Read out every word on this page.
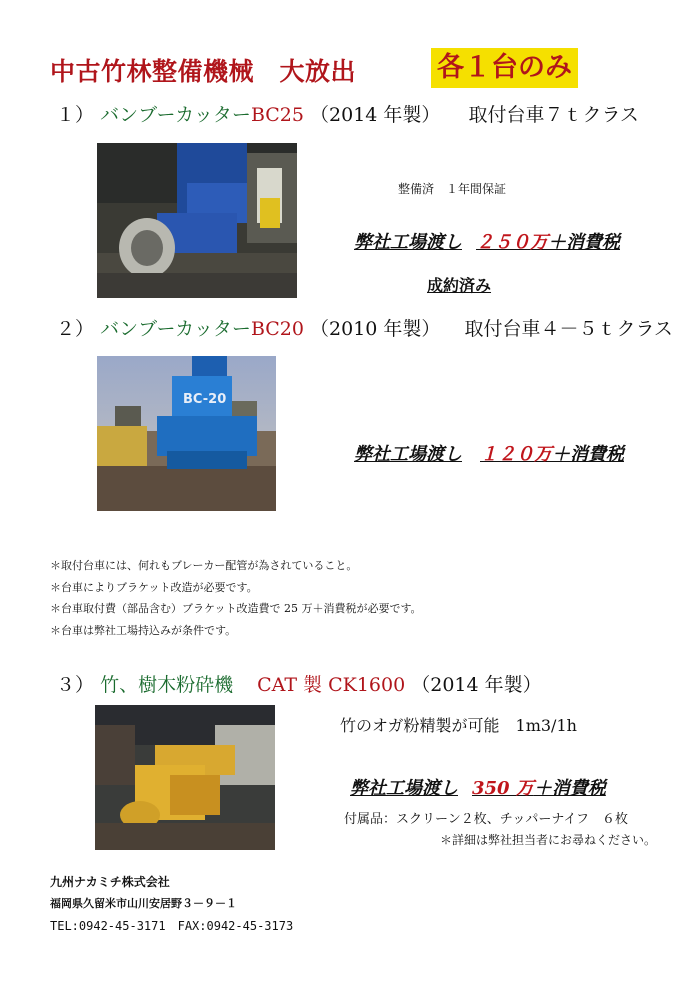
中古竹林整備機械　大放出	各１台のみ
１） バンブーカッターBC25 （2014 年製） 取付台車７ｔクラス
整備済　１年間保証
弊社工場渡し ２５０万＋消費税
成約済み
２） バンブーカッターBC20 （2010 年製） 取付台車４－５ｔクラス
BC-20
弊社工場渡し １２０万＋消費税
＊取付台車には、何れもブレーカー配管が為されていること。
＊台車によりブラケット改造が必要です。
＊台車取付費（部品含む）ブラケット改造費で 25 万＋消費税が必要です。
＊台車は弊社工場持込みが条件です。
３） 竹、樹木粉砕機 CAT 製 CK1600 （2014 年製）
竹のオガ粉精製が可能　1m3/1h
弊社工場渡し 350 万＋消費税
付属品：スクリーン２枚、チッパーナイフ　６枚
＊詳細は弊社担当者にお尋ねください。
九州ナカミチ株式会社
福岡県久留米市山川安居野３－９－１
TEL:0942-45-3171　FAX:0942-45-3173
